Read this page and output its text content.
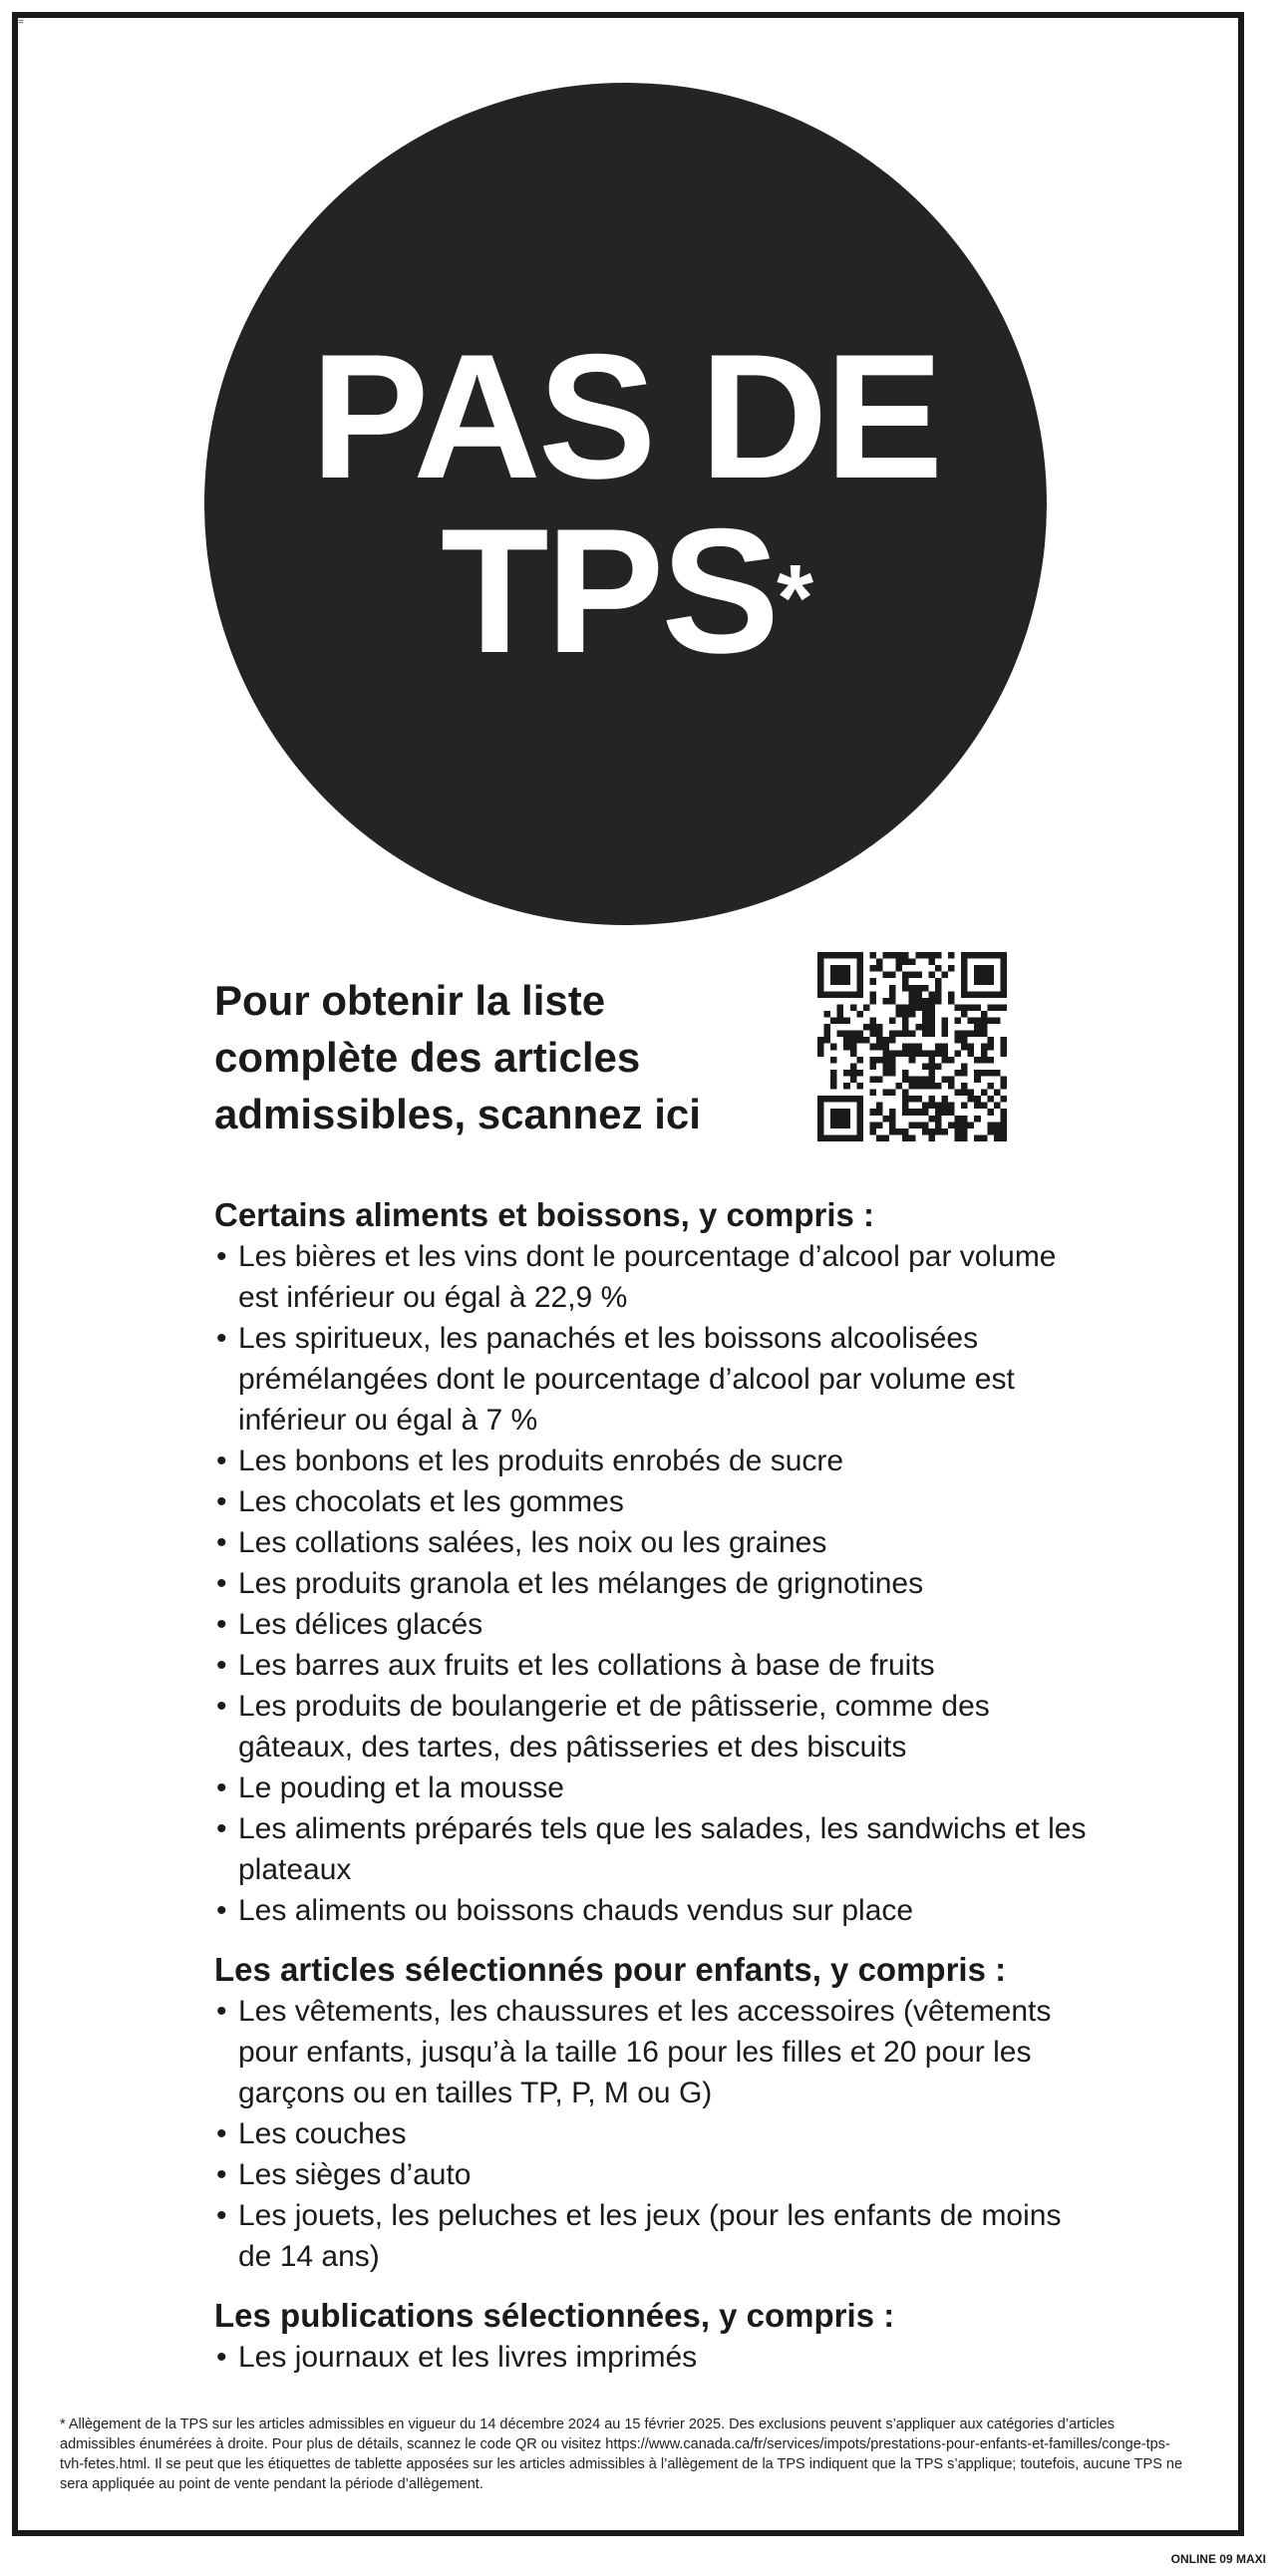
=
PAS DE
TPS*
Pour obtenir la liste complète des articles admissibles, scannez ici
Certains aliments et boissons, y compris :
• Les bières et les vins dont le pourcentage d’alcool par volume est inférieur ou égal à 22,9 %
• Les spiritueux, les panachés et les boissons alcoolisées prémélangées dont le pourcentage d’alcool par volume est inférieur ou égal à 7 %
• Les bonbons et les produits enrobés de sucre
• Les chocolats et les gommes
• Les collations salées, les noix ou les graines
• Les produits granola et les mélanges de grignotines
• Les délices glacés
• Les barres aux fruits et les collations à base de fruits
• Les produits de boulangerie et de pâtisserie, comme des gâteaux, des tartes, des pâtisseries et des biscuits
• Le pouding et la mousse
• Les aliments préparés tels que les salades, les sandwichs et les plateaux
• Les aliments ou boissons chauds vendus sur place
Les articles sélectionnés pour enfants, y compris :
• Les vêtements, les chaussures et les accessoires (vêtements pour enfants, jusqu’à la taille 16 pour les filles et 20 pour les garçons ou en tailles TP, P, M ou G)
• Les couches
• Les sièges d’auto
• Les jouets, les peluches et les jeux (pour les enfants de moins de 14 ans)
Les publications sélectionnées, y compris :
• Les journaux et les livres imprimés
* Allègement de la TPS sur les articles admissibles en vigueur du 14 décembre 2024 au 15 février 2025. Des exclusions peuvent s’appliquer aux catégories d’articles admissibles énumérées à droite. Pour plus de détails, scannez le code QR ou visitez https://www.canada.ca/fr/services/impots/prestations-pour-enfants-et-familles/conge-tps-tvh-fetes.html. Il se peut que les étiquettes de tablette apposées sur les articles admissibles à l’allègement de la TPS indiquent que la TPS s’applique; toutefois, aucune TPS ne sera appliquée au point de vente pendant la période d’allègement.
ONLINE 09 MAXI
